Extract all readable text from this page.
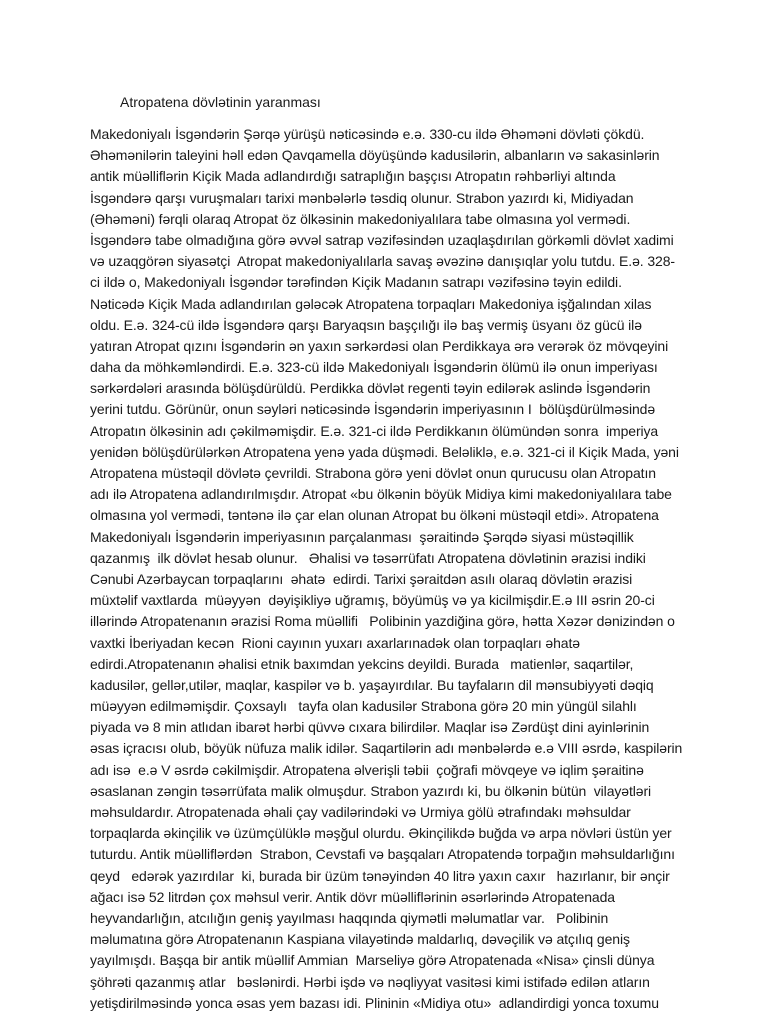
Atropatena dövlətinin yaranması
Makedoniyalı İsgəndərin Şərqə yürüşü nəticəsində e.ə. 330-cu ildə Əhəməni dövləti çökdü.
Əhəmənilərin taleyini həll edən Qavqamella döyüşündə kadusilərin, albanların və sakasinlərin
antik müəlliflərin Kiçik Mada adlandırdığı satraplığın başçısı Atropatın rəhbərliyi altında
İsgəndərə qarşı vuruşmaları tarixi mənbələrlə təsdiq olunur. Strabon yazırdı ki, Midiyadan
(Əhəməni) fərqli olaraq Atropat öz ölkəsinin makedoniyalılara tabe olmasına yol vermədi.
İsgəndərə tabe olmadığına görə əvvəl satrap vəzifəsindən uzaqlaşdırılan görkəmli dövlət xadimi
və uzaqgörən siyasətçi  Atropat makedoniyalılarla savaş əvəzinə danışıqlar yolu tutdu. E.ə. 328-
ci ildə o, Makedoniyalı İsgəndər tərəfindən Kiçik Madanın satrapı vəzifəsinə təyin edildi.
Nəticədə Kiçik Mada adlandırılan gələcək Atropatena torpaqları Makedoniya işğalından xilas
oldu. E.ə. 324-cü ildə İsgəndərə qarşı Baryaqsın başçılığı ilə baş vermiş üsyanı öz gücü ilə
yatıran Atropat qızını İsgəndərin ən yaxın sərkərdəsi olan Perdikkaya ərə verərək öz mövqeyini
daha da möhkəmləndirdi. E.ə. 323-cü ildə Makedoniyalı İsgəndərin ölümü ilə onun imperiyası
sərkərdələri arasında bölüşdürüldü. Perdikka dövlət regenti təyin edilərək aslində İsgəndərin
yerini tutdu. Görünür, onun səyləri nəticəsində İsgəndərin imperiyasının I  bölüşdürülməsində
Atropatın ölkəsinin adı çəkilməmişdir. E.ə. 321-ci ildə Perdikkanın ölümündən sonra  imperiya
yenidən bölüşdürülərkən Atropatena yenə yada düşmədi. Beləliklə, e.ə. 321-ci il Kiçik Mada, yəni
Atropatena müstəqil dövlətə çevrildi. Strabona görə yeni dövlət onun qurucusu olan Atropatın
adı ilə Atropatena adlandırılmışdır. Atropat «bu ölkənin böyük Midiya kimi makedoniyalılara tabe
olmasına yol vermədi, təntənə ilə çar elan olunan Atropat bu ölkəni müstəqil etdi». Atropatena
Makedoniyalı İsgəndərin imperiyasının parçalanması  şəraitində Şərqdə siyasi müstəqillik
qazanmış  ilk dövlət hesab olunur.   Əhalisi və təsərrüfatı Atropatena dövlətinin ərazisi indiki
Cənubi Azərbaycan torpaqlarını  əhatə  edirdi. Tarixi şəraitdən asılı olaraq dövlətin ərazisi
müxtəlif vaxtlarda  müəyyən  dəyişikliyə uğramış, böyümüş və ya kicilmişdir.E.ə III əsrin 20-ci
illərində Atropatenanın ərazisi Roma müəllifi   Polibinin yazdiğina görə, hətta Xəzər dənizindən o
vaxtki İberiyadan kecən  Rioni cayının yuxarı axarlarınadək olan torpaqları əhatə
edirdi.Atropatenanın əhalisi etnik baxımdan yekcins deyildi. Burada   matienlər, saqartilər,
kadusilər, gellər,utilər, maqlar, kaspilər və b. yaşayırdılar. Bu tayfaların dil mənsubiyyəti dəqiq
müəyyən edilməmişdir. Çoxsaylı   tayfa olan kadusilər Strabona görə 20 min yüngül silahlı
piyada və 8 min atlıdan ibarət hərbi qüvvə cıxara bilirdilər. Maqlar isə Zərdüşt dini ayinlərinin
əsas içracısı olub, böyük nüfuza malik idilər. Saqartilərin adı mənbələrdə e.ə VIII əsrdə, kaspilərin
adı isə  e.ə V əsrdə cəkilmişdir. Atropatena əlverişli təbii  çoğrafi mövqeye və iqlim şəraitinə
əsaslanan zəngin təsərrüfata malik olmuşdur. Strabon yazırdı ki, bu ölkənin bütün  vilayətləri
məhsuldardır. Atropatenada əhali çay vadilərindəki və Urmiya gölü ətrafındakı məhsuldar
torpaqlarda əkinçilik və üzümçülüklə məşğul olurdu. Əkinçilikdə buğda və arpa növləri üstün yer
tuturdu. Antik müəlliflərdən  Strabon, Cevstafi və başqaları Atropatendə torpağın məhsuldarlığını
qeyd   edərək yazırdılar  ki, burada bir üzüm tənəyindən 40 litrə yaxın caxır   hazırlanır, bir ənçir
ağacı isə 52 litrdən çox məhsul verir. Antik dövr müəlliflərinin əsərlərində Atropatenada
heyvandarlığın, atcılığın geniş yayılması haqqında qiymətli məlumatlar var.   Polibinin
məlumatına görə Atropatenanın Kaspiana vilayətində maldarlıq, dəvəçilik və atçılıq geniş
yayılmışdı. Başqa bir antik müəllif Ammian  Marseliyə görə Atropatenada «Nisa» çinsli dünya
şöhrəti qazanmış atlar   bəslənirdi. Hərbi işdə və nəqliyyat vasitəsi kimi istifadə edilən atların
yetişdirilməsində yonca əsas yem bazası idi. Plininin «Midiya otu»  adlandirdigi yonca toxumu
